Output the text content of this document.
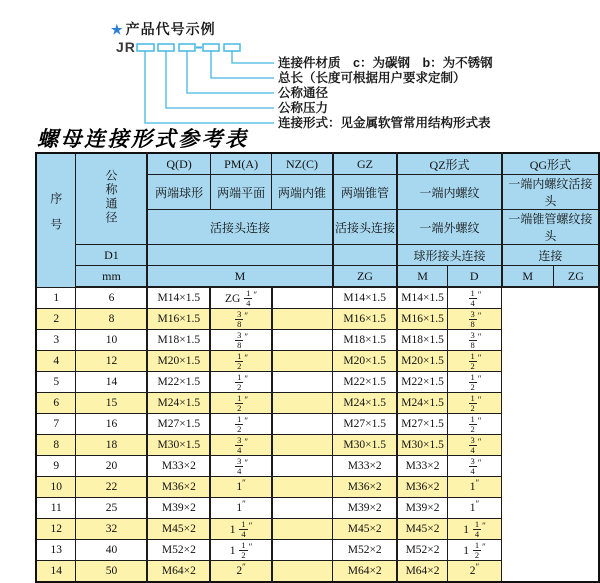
★ 产品代号示例
JR
连接件材质　c：为碳钢　b：为不锈钢
总长（长度可根据用户要求定制）
公称通径
公称压力
连接形式：见金属软管常用结构形式表
螺母连接形式参考表
序号	公称通径	Q(D)	PM(A)	NZ(C)	GZ	QZ形式		QG形式	
		两端球形	两端平面	两端内锥	两端锥管	一端内螺纹		一端内螺纹活接头	
		活接头连接			活接头连接	一端外螺纹		一端锥管螺纹接头	
	D1					球形接头连接		连接	
	mm	M			ZG	M	D	M	ZG
1	6	M14×1.5	ZG $\frac{1}{4} ''$		M14×1.5	M14×1.5	$\frac{1}{4} ''$
2	8	M16×1.5	$\frac{3}{8} ''$		M16×1.5	M16×1.5	$\frac{3}{8} ''$
3	10	M18×1.5	$\frac{3}{8} ''$		M18×1.5	M18×1.5	$\frac{3}{8} ''$
4	12	M20×1.5	$\frac{1}{2} ''$		M20×1.5	M20×1.5	$\frac{1}{2} ''$
5	14	M22×1.5	$\frac{1}{2} ''$		M22×1.5	M22×1.5	$\frac{1}{2} ''$
6	15	M24×1.5	$\frac{1}{2} ''$		M24×1.5	M24×1.5	$\frac{1}{2} ''$
7	16	M27×1.5	$\frac{1}{2} ''$		M27×1.5	M27×1.5	$\frac{1}{2} ''$
8	18	M30×1.5	$\frac{3}{4} ''$		M30×1.5	M30×1.5	$\frac{3}{4} ''$
9	20	M33×2	$\frac{3}{4} ''$		M33×2	M33×2	$\frac{3}{4} ''$
10	22	M36×2	1″		M36×2	M36×2	1″
11	25	M39×2	1″		M39×2	M39×2	1″
12	32	M45×2	$1 \frac{1}{4} ''$		M45×2	M45×2	$1 \frac{1}{4} ''$
13	40	M52×2	$1 \frac{1}{2} ''$		M52×2	M52×2	$1 \frac{1}{2} ''$
14	50	M64×2	2″		M64×2	M64×2	2″
